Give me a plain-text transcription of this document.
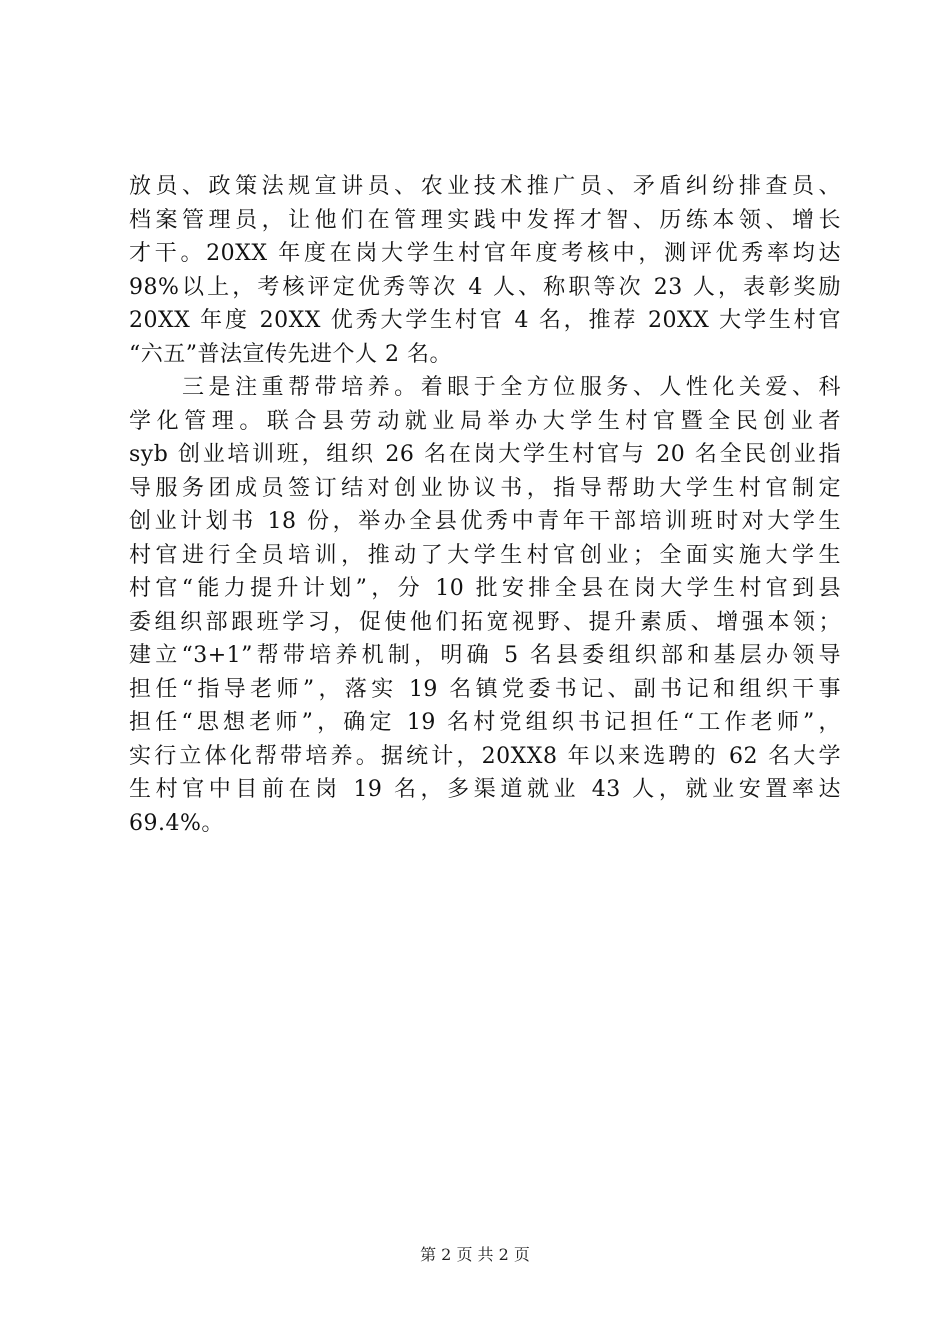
放员、政策法规宣讲员、农业技术推广员、矛盾纠纷排查员、
档案管理员，让他们在管理实践中发挥才智、历练本领、增长
才干。20XX 年度在岗大学生村官年度考核中，测评优秀率均达
98%以上，考核评定优秀等次 4 人、称职等次 23 人，表彰奖励
20XX 年度 20XX 优秀大学生村官 4 名，推荐 20XX 大学生村官
“六五”普法宣传先进个人 2 名。
　　三是注重帮带培养。着眼于全方位服务、人性化关爱、科
学化管理。联合县劳动就业局举办大学生村官暨全民创业者
syb 创业培训班，组织 26 名在岗大学生村官与 20 名全民创业指
导服务团成员签订结对创业协议书，指导帮助大学生村官制定
创业计划书 18 份，举办全县优秀中青年干部培训班时对大学生
村官进行全员培训，推动了大学生村官创业；全面实施大学生
村官“能力提升计划”，分 10 批安排全县在岗大学生村官到县
委组织部跟班学习，促使他们拓宽视野、提升素质、增强本领；
建立“3+1”帮带培养机制，明确 5 名县委组织部和基层办领导
担任“指导老师”，落实 19 名镇党委书记、副书记和组织干事
担任“思想老师”，确定 19 名村党组织书记担任“工作老师”，
实行立体化帮带培养。据统计，20XX8 年以来选聘的 62 名大学
生村官中目前在岗 19 名，多渠道就业 43 人，就业安置率达
69.4%。
第 2 页 共 2 页
